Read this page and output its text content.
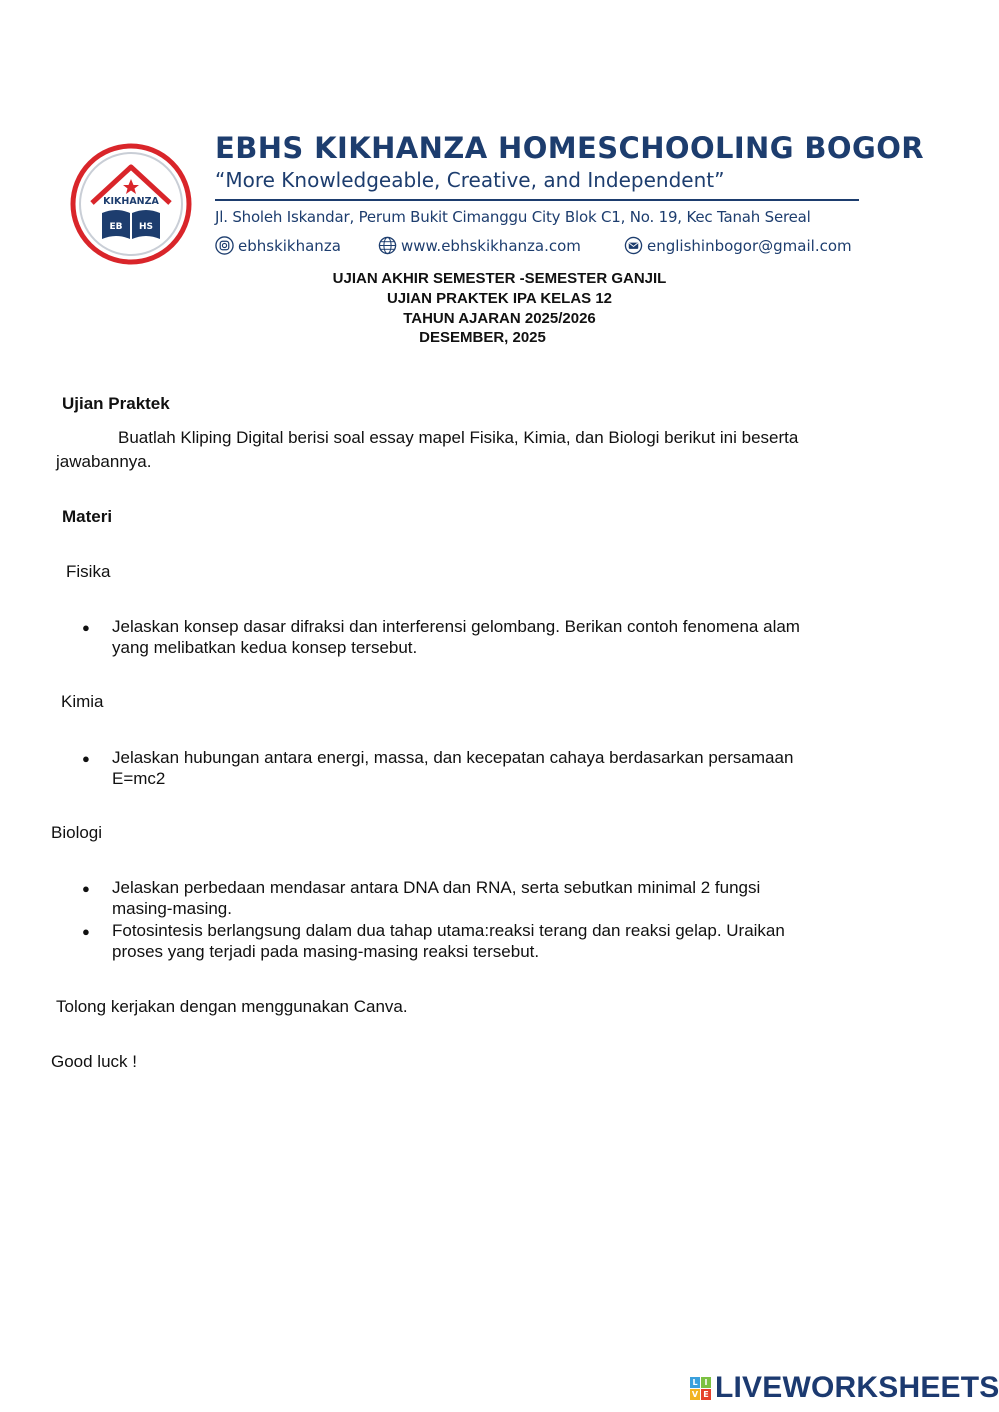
KIKHANZA
EB HS
EBHS KIKHANZA HOMESCHOOLING BOGOR
“More Knowledgeable, Creative, and Independent”
Jl. Sholeh Iskandar, Perum Bukit Cimanggu City Blok C1, No. 19, Kec Tanah Sereal
ebhskikhanza	www.ebhskikhanza.com	englishinbogor@gmail.com
UJIAN AKHIR SEMESTER -SEMESTER GANJIL
UJIAN PRAKTEK IPA KELAS 12
TAHUN AJARAN 2025/2026
DESEMBER, 2025
Ujian Praktek
Buatlah Kliping Digital berisi soal essay mapel Fisika, Kimia, dan Biologi berikut ini beserta
jawabannya.
Materi
Fisika
● Jelaskan konsep dasar difraksi dan interferensi gelombang. Berikan contoh fenomena alam
yang melibatkan kedua konsep tersebut.
Kimia
● Jelaskan hubungan antara energi, massa, dan kecepatan cahaya berdasarkan persamaan
E=mc2
Biologi
● Jelaskan perbedaan mendasar antara DNA dan RNA, serta sebutkan minimal 2 fungsi
masing-masing.
● Fotosintesis berlangsung dalam dua tahap utama:reaksi terang dan reaksi gelap. Uraikan
proses yang terjadi pada masing-masing reaksi tersebut.
Tolong kerjakan dengan menggunakan Canva.
Good luck !
L I
V E LIVEWORKSHEETS
